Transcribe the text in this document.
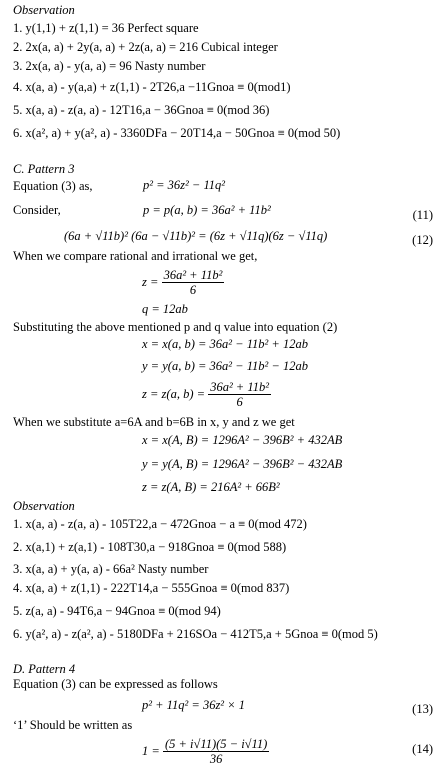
Observation
1. y(1,1) + z(1,1) = 36 Perfect square
2. 2x(a, a) + 2y(a, a) + 2z(a, a) = 216 Cubical integer
3. 2x(a, a) - y(a, a) = 96 Nasty number
4. x(a, a) - y(a,a) + z(1,1) - 2T26,a −11Gnoa ≡ 0(mod1)
5. x(a, a) - z(a, a) - 12T16,a − 36Gnoa ≡ 0(mod 36)
6. x(a², a) + y(a², a) - 3360DFa − 20T14,a − 50Gnoa ≡ 0(mod 50)
C. Pattern 3
Equation (3) as,	p² = 36z² − 11q²
Consider,	p = p(a, b) = 36a² + 11b²	(11)
(6a + √11b)² (6a − √11b)² = (6z + √11q)(6z − √11q)	(12)
When we compare rational and irrational we get,
$z = \frac{\text{36a² + 11b²}}{6}$
q = 12ab
Substituting the above mentioned p and q value into equation (2)
x = x(a, b) = 36a² − 11b² + 12ab
y = y(a, b) = 36a² − 11b² − 12ab
z = z(a, $b) = \frac{\text{36a² + 11b²}}{6}$
When we substitute a=6A and b=6B in x, y and z we get
x = x(A, B) = 1296A² − 396B² + 432AB
y = y(A, B) = 1296A² − 396B² − 432AB
z = z(A, B) = 216A² + 66B²
Observation
1. x(a, a) - z(a, a) - 105T22,a − 472Gnoa − a ≡ 0(mod 472)
2. x(a,1) + z(a,1) - 108T30,a − 918Gnoa ≡ 0(mod 588)
3. x(a, a) + y(a, a) - 66a² Nasty number
4. x(a, a) + z(1,1) - 222T14,a − 555Gnoa ≡ 0(mod 837)
5. z(a, a) - 94T6,a − 94Gnoa ≡ 0(mod 94)
6. y(a², a) - z(a², a) - 5180DFa + 216SOa − 412T5,a + 5Gnoa ≡ 0(mod 5)
D. Pattern 4
Equation (3) can be expressed as follows
p² + 11q² = 36z² × 1	(13)
‘1’ Should be written as
$1 = \frac{(5 + i√11)(5 - i√11)}{36}$	(14)
